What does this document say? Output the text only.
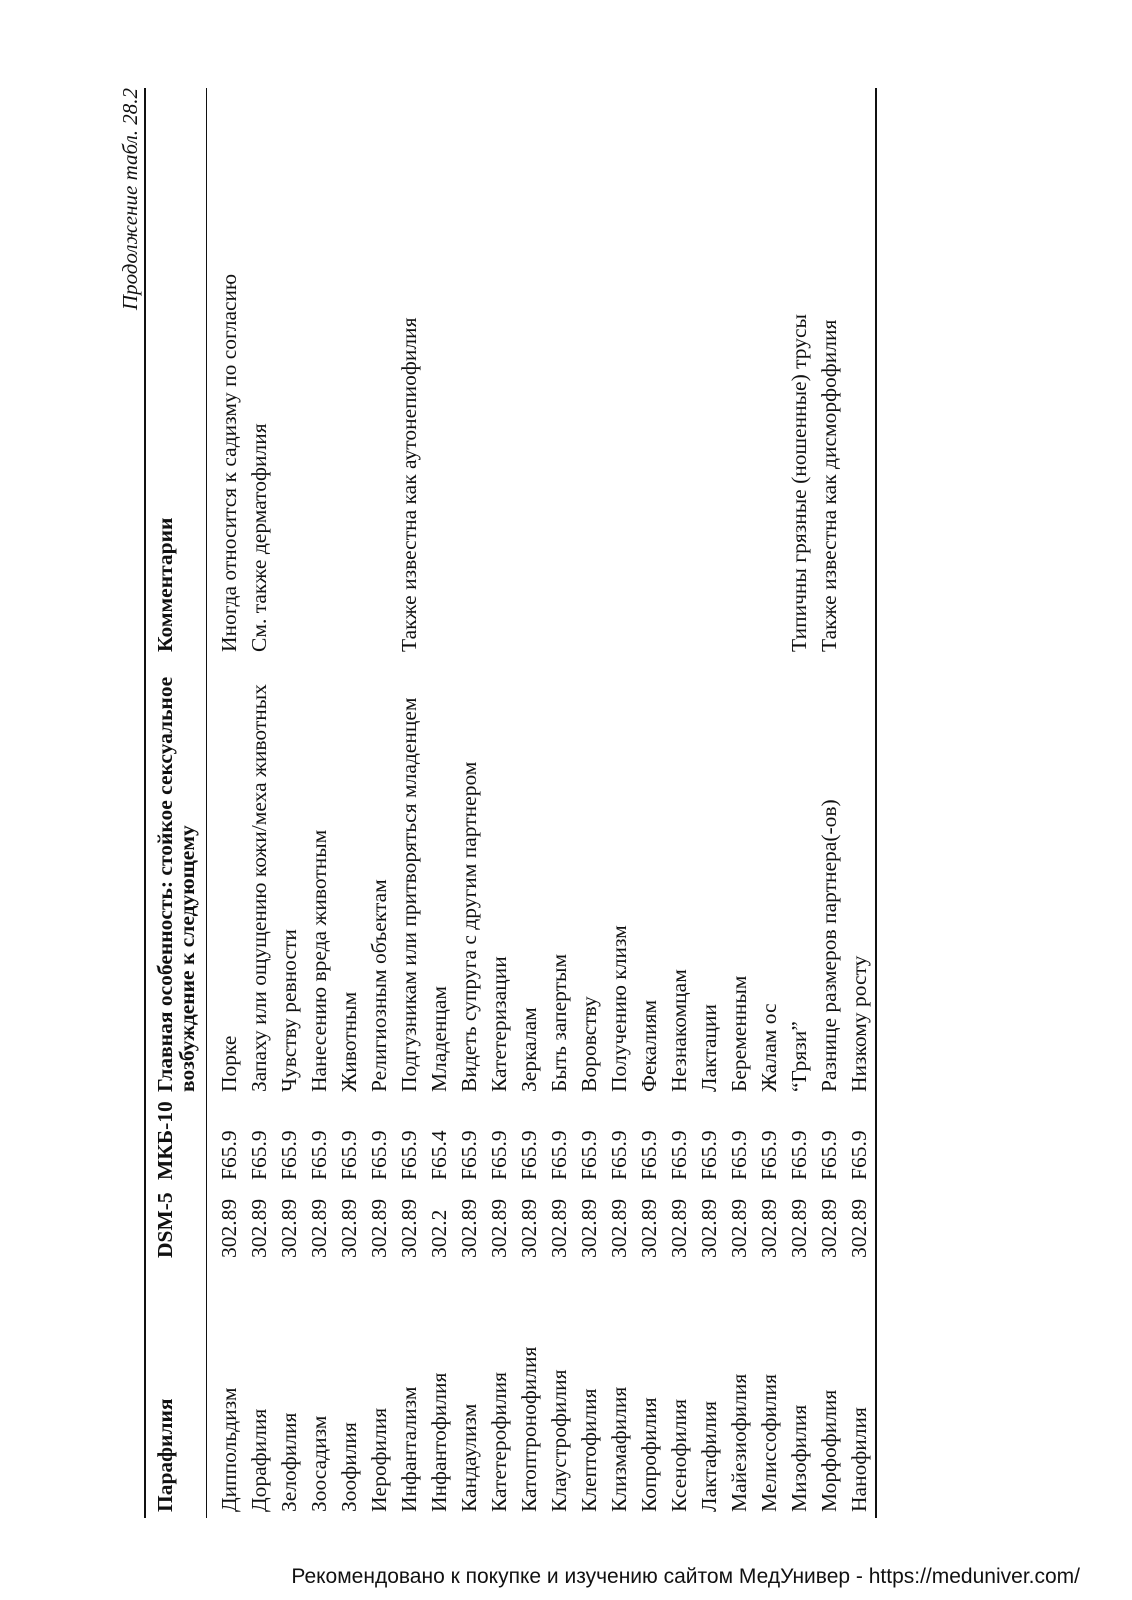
Продолжение табл. 28.2
Парафилия	DSM-5	МКБ-10	Главная особенность: стойкое сексуальное возбуждение к следующему	Комментарии
Диппольдизм	302.89	F65.9	Порке	Иногда относится к садизму по согласию
Дорафилия	302.89	F65.9	Запаху или ощущению кожи/меха животных	См. также дерматофилия
Зелофилия	302.89	F65.9	Чувству ревности	
Зоосадизм	302.89	F65.9	Нанесению вреда животным	
Зоофилия	302.89	F65.9	Животным	
Иерофилия	302.89	F65.9	Религиозным объектам	
Инфантализм	302.89	F65.9	Подгузникам или притворяться младенцем	Также известна как аутонепиофилия
Инфантофилия	302.2	F65.4	Младенцам	
Кандаулизм	302.89	F65.9	Видеть супруга с другим партнером	
Катетерофилия	302.89	F65.9	Катетеризации	
Катоптронофилия	302.89	F65.9	Зеркалам	
Клаустрофилия	302.89	F65.9	Быть запертым	
Клептофилия	302.89	F65.9	Воровству	
Клизмафилия	302.89	F65.9	Получению клизм	
Копрофилия	302.89	F65.9	Фекалиям	
Ксенофилия	302.89	F65.9	Незнакомцам	
Лактафилия	302.89	F65.9	Лактации	
Майезиофилия	302.89	F65.9	Беременным	
Мелиссофилия	302.89	F65.9	Жалам ос	
Мизофилия	302.89	F65.9	“Грязи”	Типичны грязные (ношенные) трусы
Морфофилия	302.89	F65.9	Разнице размеров партнера(-ов)	Также известна как дисморфофилия
Нанофилия	302.89	F65.9	Низкому росту	
Рекомендовано к покупке и изучению сайтом МедУнивер - https://meduniver.com/
